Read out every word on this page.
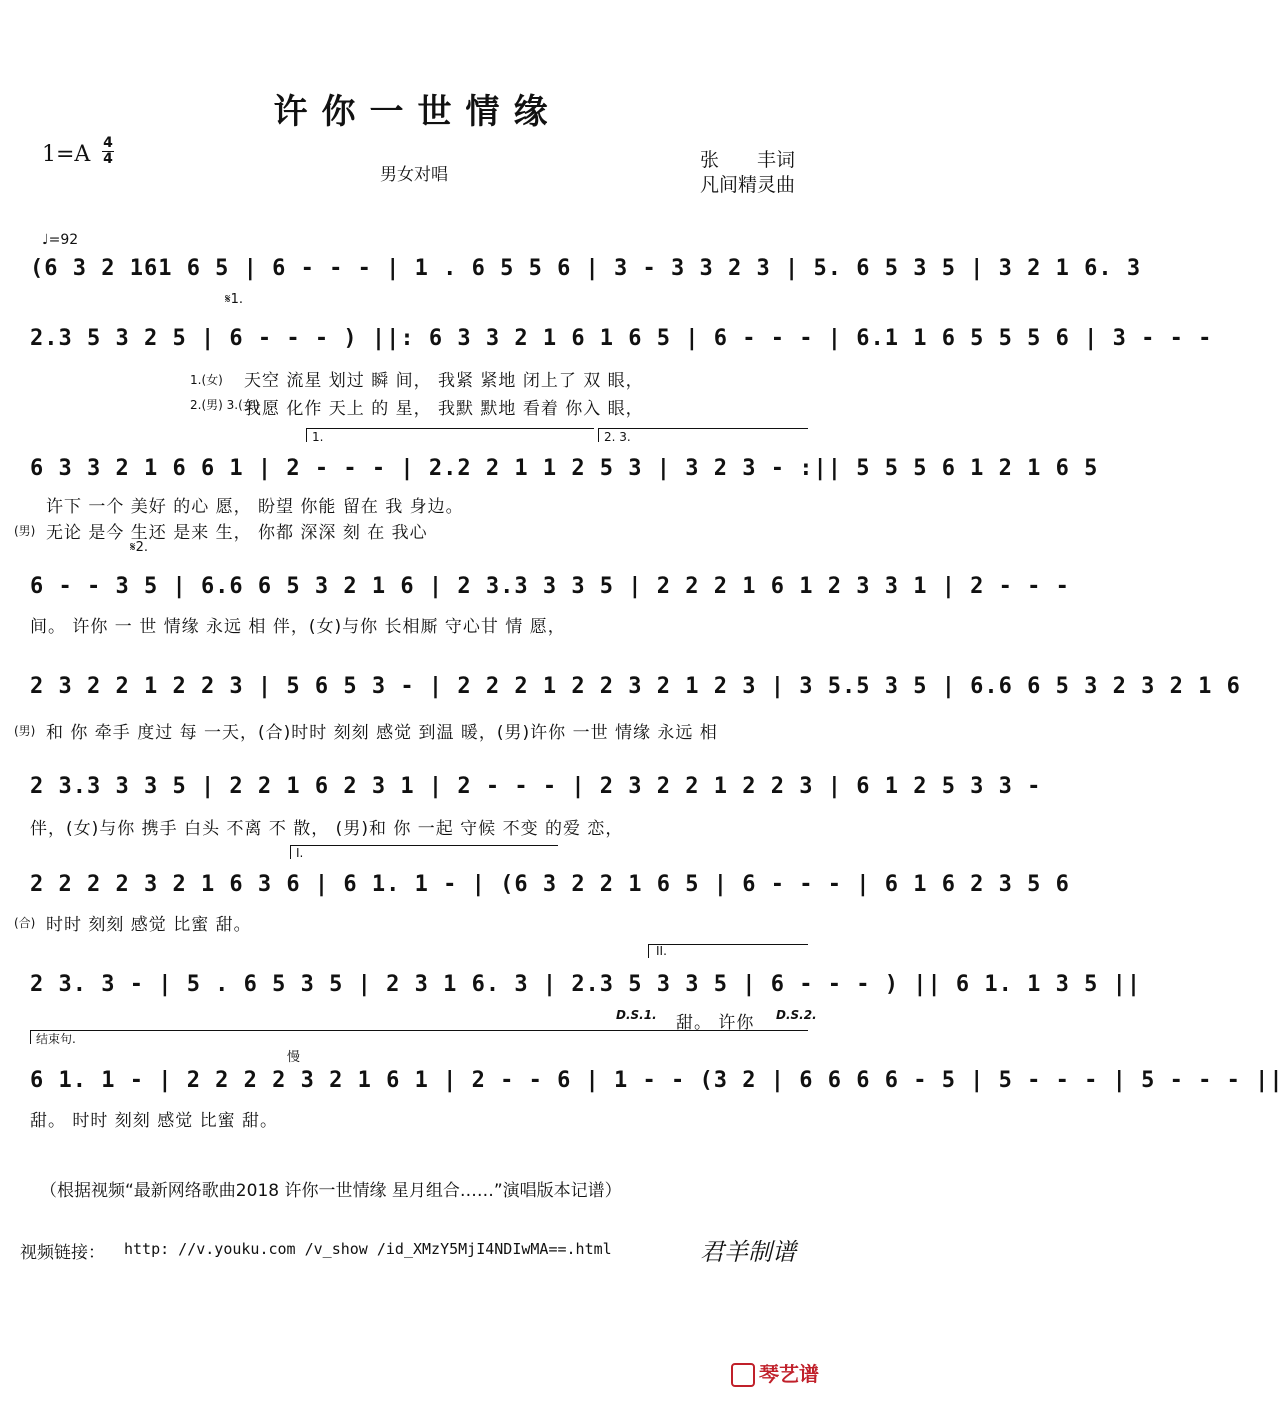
许你一世情缘
1=A 4
4
男女对唱
张　　丰词
凡间精灵曲
♩=92
(6 3 2 161 6 5 | 6 - - - | 1 . 6 5 5 6 | 3 - 3 3 2 3 | 5. 6 5 3 5 | 3 2 1 6. 3
𝄋1.
2.3 5 3 2 5 | 6 - - - ) ||: 6 3 3 2 1 6 1 6 5 | 6 - - - | 6.1 1 6 5 5 5 6 | 3 - - -
1.(女) 天空 流星 划过 瞬 间， 我紧 紧地 闭上了 双 眼，
2.(男) 3.(女)
我愿 化作 天上 的 星， 我默 默地 看着 你入 眼，
1.	2. 3.
6 3 3 2 1 6 6 1 | 2 - - - | 2.2 2 1 1 2 5 3 | 3 2 3 - :|| 5 5 5 6 1 2 1 6 5
许下 一个 美好 的心 愿， 盼望 你能 留在 我 身边。
(男) 无论 是今 生还 是来 生， 你都 深深 刻 在 我心
𝄋2.
6 - - 3 5 | 6.6 6 5 3 2 1 6 | 2 3.3 3 3 5 | 2 2 2 1 6 1 2 3 3 1 | 2 - - -
间。 许你 一 世 情缘 永远 相 伴，(女)与你 长相厮 守心甘 情 愿，
2 3 2 2 1 2 2 3 | 5 6 5 3 - | 2 2 2 1 2 2 3 2 1 2 3 | 3 5.5 3 5 | 6.6 6 5 3 2 3 2 1 6
(男) 和 你 牵手 度过 每 一天，(合)时时 刻刻 感觉 到温 暖，(男)许你 一世 情缘 永远 相
2 3.3 3 3 5 | 2 2 1 6 2 3 1 | 2 - - - | 2 3 2 2 1 2 2 3 | 6 1 2 5 3 3 -
伴，(女)与你 携手 白头 不离 不 散， (男)和 你 一起 守候 不变 的爱 恋，
I.
2 2 2 2 3 2 1 6 3 6 | 6 1. 1 - | (6 3 2 2 1 6 5 | 6 - - - | 6 1 6 2 3 5 6
(合) 时时 刻刻 感觉 比蜜 甜。
II.
2 3. 3 - | 5 . 6 5 3 5 | 2 3 1 6. 3 | 2.3 5 3 3 5 | 6 - - - ) || 6 1. 1 3 5 ||
D.S.1.	D.S.2.
甜。 许你
结束句.
慢
6 1. 1 - | 2 2 2 2 3 2 1 6 1 | 2 - - 6 | 1 - - (3 2 | 6 6 6 6 - 5 | 5 - - - | 5 - - - ||
甜。 时时 刻刻 感觉 比蜜 甜。
（根据视频“最新网络歌曲2018 许你一世情缘 星月组合……”演唱版本记谱）
视频链接： http: //v.youku.com /v_show /id_XMzY5MjI4NDIwMA==.html	君羊制谱
琴艺谱
